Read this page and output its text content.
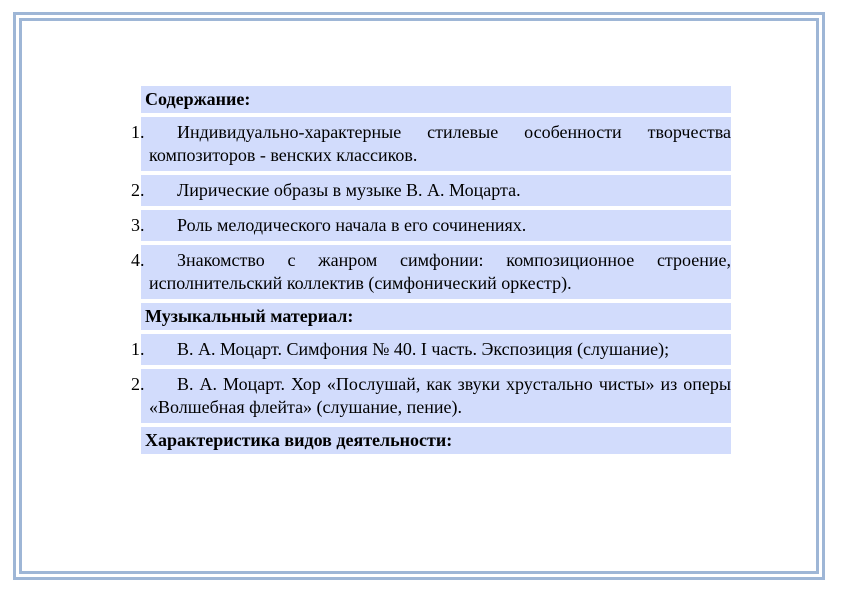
Содержание:
1.	Индивидуально-характерные стилевые особенности творчества композиторов - венских классиков.
2.	Лирические образы в музыке В. А. Моцарта.
3.	Роль мелодического начала в его сочинениях.
4.	Знакомство с жанром симфонии: композиционное строение, исполнительский коллектив (симфонический оркестр).
Музыкальный материал:
1.	В. А. Моцарт. Симфония № 40. I часть. Экспозиция (слушание);
2.	В. А. Моцарт. Хор «Послушай, как звуки хрустально чисты» из оперы «Волшебная флейта» (слушание, пение).
Характеристика видов деятельности:
